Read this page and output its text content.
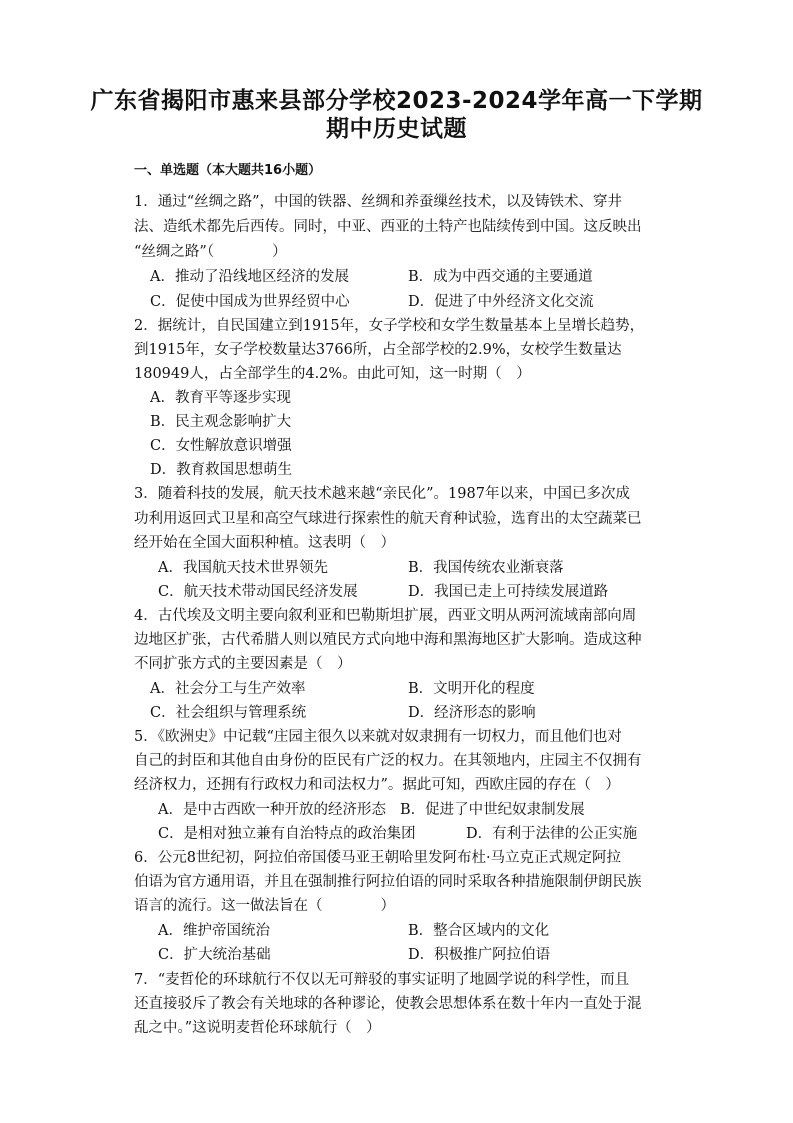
广东省揭阳市惠来县部分学校2023-2024学年高一下学期
期中历史试题
一、单选题（本大题共16小题）
1．通过“丝绸之路”，中国的铁器、丝绸和养蚕缫丝技术，以及铸铁术、穿井
法、造纸术都先后西传。同时，中亚、西亚的土特产也陆续传到中国。这反映出
“丝绸之路”（　　　　）
A．推动了沿线地区经济的发展	B．成为中西交通的主要通道
C．促使中国成为世界经贸中心	D．促进了中外经济文化交流
2．据统计，自民国建立到1915年，女子学校和女学生数量基本上呈增长趋势，
到1915年，女子学校数量达3766所，占全部学校的2.9%，女校学生数量达
180949人，占全部学生的4.2%。由此可知，这一时期（　）
A．教育平等逐步实现
B．民主观念影响扩大
C．女性解放意识增强
D．教育救国思想萌生
3．随着科技的发展，航天技术越来越“亲民化”。1987年以来，中国已多次成
功利用返回式卫星和高空气球进行探索性的航天育种试验，选育出的太空蔬菜已
经开始在全国大面积种植。这表明（　）
A．我国航天技术世界领先	B．我国传统农业渐衰落
C．航天技术带动国民经济发展	D．我国已走上可持续发展道路
4．古代埃及文明主要向叙利亚和巴勒斯坦扩展，西亚文明从两河流域南部向周
边地区扩张，古代希腊人则以殖民方式向地中海和黑海地区扩大影响。造成这种
不同扩张方式的主要因素是（　）
A．社会分工与生产效率	B．文明开化的程度
C．社会组织与管理系统	D．经济形态的影响
5．《欧洲史》中记载“庄园主很久以来就对奴隶拥有一切权力，而且他们也对
自己的封臣和其他自由身份的臣民有广泛的权力。在其领地内，庄园主不仅拥有
经济权力，还拥有行政权力和司法权力”。据此可知，西欧庄园的存在（　）
A．是中古西欧一种开放的经济形态 B．促进了中世纪奴隶制发展
C．是相对独立兼有自治特点的政治集团	D．有利于法律的公正实施
6．公元8世纪初，阿拉伯帝国倭马亚王朝哈里发阿布杜·马立克正式规定阿拉
伯语为官方通用语，并且在强制推行阿拉伯语的同时采取各种措施限制伊朗民族
语言的流行。这一做法旨在（　　　　）
A．维护帝国统治	B．整合区域内的文化
C．扩大统治基础	D．积极推广阿拉伯语
7．“麦哲伦的环球航行不仅以无可辩驳的事实证明了地圆学说的科学性，而且
还直接驳斥了教会有关地球的各种谬论，使教会思想体系在数十年内一直处于混
乱之中。”这说明麦哲伦环球航行（　）
